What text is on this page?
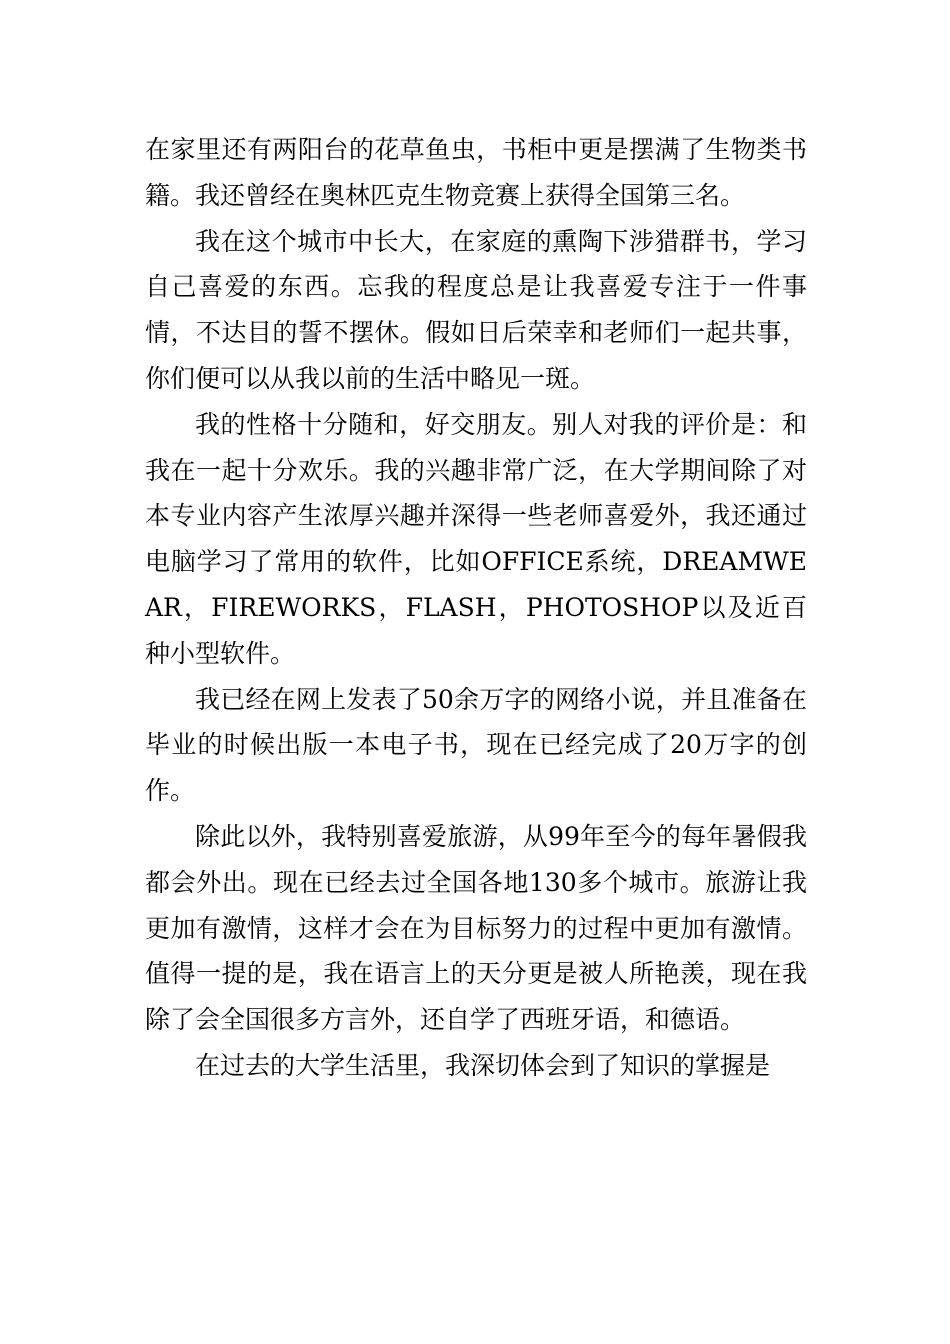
在家里还有两阳台的花草鱼虫，书柜中更是摆满了生物类书籍。我还曾经在奥林匹克生物竞赛上获得全国第三名。

我在这个城市中长大，在家庭的熏陶下涉猎群书，学习自己喜爱的东西。忘我的程度总是让我喜爱专注于一件事情，不达目的誓不摆休。假如日后荣幸和老师们一起共事，你们便可以从我以前的生活中略见一斑。

我的性格十分随和，好交朋友。别人对我的评价是：和我在一起十分欢乐。我的兴趣非常广泛，在大学期间除了对本专业内容产生浓厚兴趣并深得一些老师喜爱外，我还通过电脑学习了常用的软件，比如OFFICE系统，DREAMWEAR，FIREWORKS，FLASH，PHOTOSHOP以及近百种小型软件。

我已经在网上发表了50余万字的网络小说，并且准备在毕业的时候出版一本电子书，现在已经完成了20万字的创作。

除此以外，我特别喜爱旅游，从99年至今的每年暑假我都会外出。现在已经去过全国各地130多个城市。旅游让我更加有激情，这样才会在为目标努力的过程中更加有激情。值得一提的是，我在语言上的天分更是被人所艳羡，现在我除了会全国很多方言外，还自学了西班牙语，和德语。

在过去的大学生活里，我深切体会到了知识的掌握是
